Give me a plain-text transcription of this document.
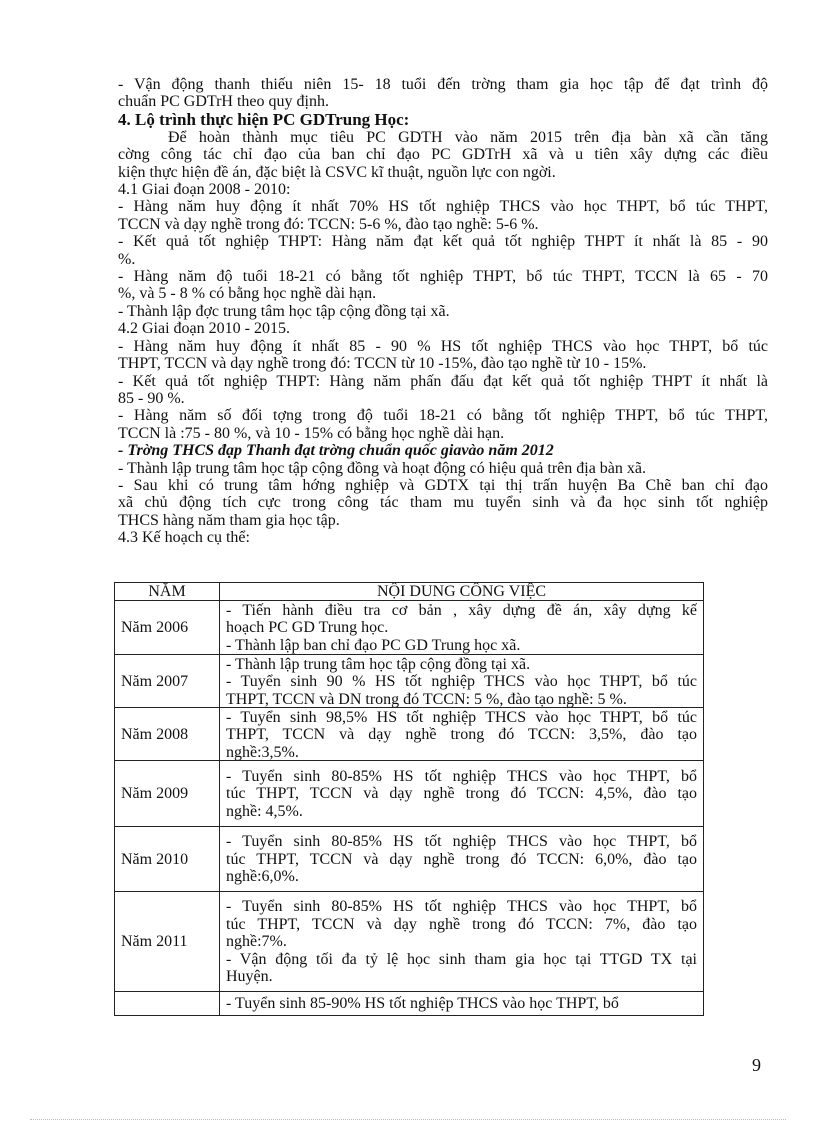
- Vận động thanh thiếu niên 15- 18 tuổi đến trờng tham gia học tập để đạt trình độ

chuẩn PC GDTrH theo quy định.

4. Lộ trình thực hiện PC GDTrung Học:

Để hoàn thành mục tiêu PC GDTH vào năm 2015 trên địa bàn xã cần tăng

cờng công tác chỉ đạo của ban chỉ đạo PC GDTrH xã và u tiên xây dựng các điều

kiện thực hiện đề án, đặc biệt là CSVC kĩ thuật, nguồn lực con ngời.

4.1 Giai đoạn 2008 - 2010:

- Hàng năm huy động ít nhất 70% HS tốt nghiệp THCS vào học THPT, bổ túc THPT,

TCCN và dạy nghề trong đó: TCCN: 5-6 %, đào tạo nghề: 5-6 %.

- Kết quả tốt nghiệp THPT: Hàng năm đạt kết quả tốt nghiệp THPT ít nhất là 85 - 90

%.

- Hàng năm độ tuổi 18-21 có bằng tốt nghiệp THPT, bổ túc THPT, TCCN là 65 - 70

%, và 5 - 8 % có bằng học nghề dài hạn.

- Thành lập đợc trung tâm học tập cộng đồng tại xã.

4.2 Giai đoạn 2010 - 2015.

- Hàng năm huy động ít nhất 85 - 90 % HS tốt nghiệp THCS vào học THPT, bổ túc

THPT, TCCN và dạy nghề trong đó: TCCN từ 10 -15%, đào tạo nghề từ 10 - 15%.

- Kết quả tốt nghiệp THPT: Hàng năm phấn đấu đạt kết quả tốt nghiệp THPT ít nhất là

85 - 90 %.

- Hàng năm số đối tợng trong độ tuổi 18-21 có bằng tốt nghiệp THPT, bổ túc THPT,

TCCN là :75 - 80 %, và 10 - 15% có bằng học nghề dài hạn.

- Trờng THCS đạp Thanh đạt trờng chuẩn quốc giavào năm 2012

- Thành lập trung tâm học tập cộng đồng và hoạt động có hiệu quả trên địa bàn xã.

- Sau khi có trung tâm hớng nghiệp và GDTX tại thị trấn huyện Ba Chẽ ban chỉ đạo

xã chủ động tích cực trong công tác tham mu tuyển sinh và đa học sinh tốt nghiệp

THCS hàng năm tham gia học tập.

4.3 Kế hoạch cụ thể:

NĂM	NỘI DUNG CÔNG VIỆC
Năm 2006	- Tiến hành điều tra cơ bản , xây dựng đề án, xây dựng kế
hoạch PC GD Trung học.
- Thành lập ban chỉ đạo PC GD Trung học xã.

Năm 2007	- Thành lập trung tâm học tập cộng đồng tại xã.
- Tuyển sinh 90 % HS tốt nghiệp THCS vào học THPT, bổ túc
THPT, TCCN và DN trong đó TCCN: 5 %, đào tạo nghề: 5 %.

Năm 2008	- Tuyển sinh 98,5% HS tốt nghiệp THCS vào học THPT, bổ túc
THPT, TCCN và dạy nghề trong đó TCCN: 3,5%, đào tạo
nghề:3,5%.

Năm 2009	- Tuyển sinh 80-85% HS tốt nghiệp THCS vào học THPT, bổ
túc THPT, TCCN và dạy nghề trong đó TCCN: 4,5%, đào tạo
nghề: 4,5%.

Năm 2010	- Tuyển sinh 80-85% HS tốt nghiệp THCS vào học THPT, bổ
túc THPT, TCCN và dạy nghề trong đó TCCN: 6,0%, đào tạo
nghề:6,0%.

Năm 2011	- Tuyển sinh 80-85% HS tốt nghiệp THCS vào học THPT, bổ
túc THPT, TCCN và dạy nghề trong đó TCCN: 7%, đào tạo
nghề:7%.
- Vận động tối đa tỷ lệ học sinh tham gia học tại TTGD TX tại
Huyện.

	- Tuyển sinh 85-90% HS tốt nghiệp THCS vào học THPT, bổ
9
